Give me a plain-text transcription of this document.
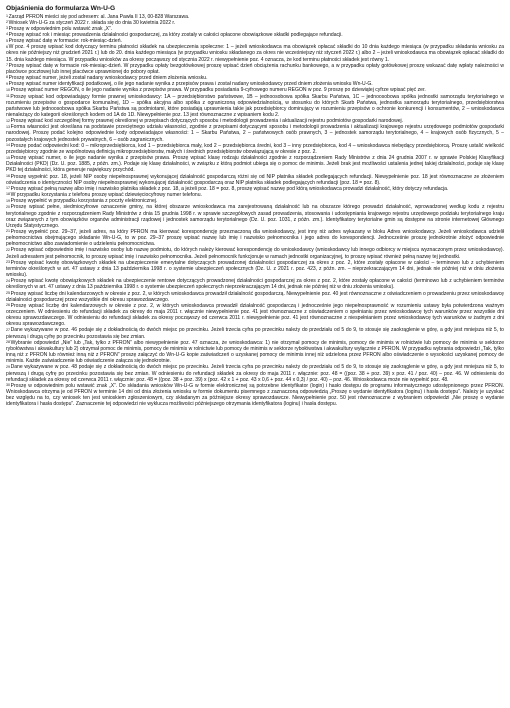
Objaśnienia do formularza Wn-U-G

$^1$Zarząd PFRON mieści się pod adresem: al. Jana Pawła II 13, 00-828 Warszawa.

$^2$Wniosek Wn-U-G za styczeń 2022 r. składa się do dnia 30 kwietnia 2022 r.

$^3$Proszę w odpowiednim polu wstawić znak „X”.

$^4$Proszę wpisać rok i miesiąc prowadzenia działalności gospodarczej, za który zostały w całości opłacone obowiązkowe składki podlegające refundacji.

$^5$Proszę wpisać datę w formacie: rok-miesiąc-dzień.

$^6$W poz. 4 proszę wpisać kod dotyczący terminu płatności składek na ubezpieczenia społeczne: 1 – jeżeli wnioskodawca ma obowiązek opłacać składki do 10 dnia każdego miesiąca (w przypadku składania wniosku za okres nie późniejszy niż grudzień 2021 r.) lub do 20. dnia każdego miesiąca (w przypadku wniosku składanego za okres nie wcześniejszy niż styczeń 2022 r.) albo 2 – jeżeli wnioskodawca ma obowiązek opłacać składki do 15. dnia każdego miesiąca. W przypadku wniosków za okresy począwszy od stycznia 2022 r. niewypełnienie poz. 4 oznacza, że kod terminu płatności składek jest równy 1.

$^7$Proszę wpisać datę w formacie rok-miesiąc-dzień. W przypadku opłaty bezgotówkowej proszę wpisać dzień obciążenia rachunku bankowego, a w przypadku opłaty gotówkowej proszę wskazać datę wpłaty należności w placówce pocztowej lub innej placówce uprawnionej do pobory opłat.

$^8$Proszę wpisać numer, jeżeli został nadany wnioskodawcy przed dniem złożenia wniosku.

$^9$Proszę wpisać numer identyfikacji podatkowej, o ile jego nadanie wynika z przepisów prawa i został nadany wnioskodawcy przed dniem złożenia wniosku Wn-U-G.

$^{10}$Proszę wpisać numer REGON, o ile jego nadanie wynika z przepisów prawa. W przypadku posiadania 9-cyfrowego numeru REGON w poz. 9 proszę po dziewiątej cyfrze wpisać pięć zer.

$^{11}$Proszę wpisać kod odpowiadający formie prawnej wnioskodawcy: 1A – przedsiębiorstwo państwowe, 1B – jednoosobowa spółka Skarbu Państwa, 1C – jednoosobowa spółka jednostki samorządu terytorialnego w rozumieniu przepisów o gospodarce komunalnej, 1D – spółka akcyjna albo spółka z ograniczoną odpowiedzialnością, w stosunku do których Skarb Państwa, jednostka samorządu terytorialnego, przedsiębiorstwa państwowe lub jednoosobowa spółka Skarbu Państwa są podmiotami, które posiadają uprawnienia takie jak przedsiębiorcy dominujący w rozumieniu przepisów o ochronie konkurencji i konsumentów, 2 – wnioskodawca nienależący do kategorii określonych kodem od 1A do 1D. Niewypełnienie poz. 13 jest równoznaczne z wpisaniem kodu 2.

$^{12}$Proszę wpisać kod szczególnej formy prawnej określonej w przepisach dotyczących sposobu i metodologii prowadzenia i aktualizacji rejestru podmiotów gospodarki narodowej.

$^{13}$Forma własności jest określana na podstawie przeciętnego udziału własności, zgodnie z przepisami dotyczącymi sposobu i metodologii prowadzenia i aktualizacji krajowego rejestru urzędowego podmiotów gospodarki narodowej. Proszę podać kolejno odpowiednie kody odpowiadające własności: 1 – Skarbu Państwa, 2 – państwowych osób prawnych, 3 – jednostek samorządu terytorialnego, 4 – krajowych osób fizycznych, 5 – pozostałych krajowych jednostek prywatnych, 6 – osób zagranicznych.

$^{14}$Proszę podać odpowiedni kod: 0 – mikroprzedsiębiorca, kod 1 – przedsiębiorca mały, kod 2 – przedsiębiorca średni, kod 3 – inny przedsiębiorca, kod 4 – wnioskodawca niebędący przedsiębiorcą. Proszę ustalić wielkość przedsiębiorcy zgodnie ze wspólnotową definicją mikroprzedsiębiorstw, małych i średnich przedsiębiorstw obowiązującą w okresie z poz. 2.

$^{15}$Proszę wpisać numer, o ile jego nadanie wynika z przepisów prawa. Proszę wpisać klasę rodzaju działalności zgodnie z rozporządzeniem Rady Ministrów z dnia 24 grudnia 2007 r. w sprawie Polskiej Klasyfikacji Działalności (PKD) (Dz. U. poz. 1885, z późn. zm.). Podaje się klasę działalności, w związku z którą podmiot ubiega się o pomoc de minimis. Jeżeli brak jest możliwości ustalenia jednej takiej działalności, podaje się klasę PKD tej działalności, która generuje największy przychód.

$^{16}$Proszę wypełnić poz. 18, jeżeli NIP osoby niepełnosprawnej wykonującej działalność gospodarczą różni się od NIP płatnika składek podlegających refundacji. Niewypełnienie poz. 18 jest równoznaczne ze złożeniem oświadczenia o identyczności NIP osoby niepełnosprawnej wykonującej działalność gospodarczą oraz NIP płatnika składek podlegających refundacji (poz. 18 = poz. 8).

$^{17}$Proszę wpisać pełną nazwę albo imię i nazwisko płatnika składek z poz. 18, a jeżeli poz. 18 = poz. 8, proszę wpisać nazwę pod którą wnioskodawca prowadzi działalność, który dotyczy refundacja.

$^{18}$W przypadku korzystania z telefonu proszę wpisać dziewięciocyfrowy numer telefonu.

$^{19}$Proszę wypełnić w przypadku korzystania z poczty elektronicznej.

$^{20}$Proszę wpisać pełne, siedmiocyfrowe oznaczenie gminy, na której obszarze wnioskodawca ma zarejestrowaną działalność lub na obszarze którego prowadzi działalność, wprowadzonej według kodu z rejestru terytorialnego zgodnie z rozporządzeniem Rady Ministrów z dnia 15 grudnia 1998 r. w sprawie szczegółowych zasad prowadzenia, stosowania i udostępniania krajowego rejestru urzędowego podziału terytorialnego kraju oraz związanych z tym obowiązków organów administracji rządowej i jednostek samorządu terytorialnego (Dz. U. poz. 1031, z późn. zm.). Identyfikatory terytorialne gmin są dostępne na stronie internetowej Głównego Urzędu Statystycznego.

$^{21}$Proszę wypełnić poz. 29–37, jeżeli adres, na który PFRON ma kierować korespondencję przeznaczoną dla wnioskodawcy, jest inny niż adres wykazany w bloku Adres wnioskodawcy. Jeżeli wnioskodawca udzielił pełnomocnictwa obejmującego składanie Wn-U-G, to w poz. 29–37 proszę wpisać nazwę lub imię i nazwisko pełnomocnika i jego adres do korespondencji. Jednocześnie proszę jednokrotnie złożyć odpowiednie pełnomocnictwo albo zawiadomienie o udzieleniu pełnomocnictwa.

$^{22}$Proszę wpisać odpowiednio imię i nazwisko osoby lub nazwę podmiotu, do których należy kierować korespondencję do wnioskodawcy (wnioskodawcy lub innego odbiorcy w miejscu wyznaczonym przez wnioskodawcę). Jeżeli adresatem jest pełnomocnik, to proszę wpisać imię i nazwisko pełnomocnika. Jeżeli pełnomocnik funkcjonuje w ramach jednostki organizacyjnej, to proszę wpisać również pełną nazwę tej jednostki.

$^{23}$Proszę wpisać kwotę obowiązkowych składek na ubezpieczenie emerytalne dotyczących prowadzonej działalności gospodarczej za okres z poz. 2, które zostały opłacone w całości – terminowo lub z uchybieniem terminów określonych w art. 47 ustawy z dnia 13 października 1998 r. o systemie ubezpieczeń społecznych (Dz. U. z 2021 r. poz. 423, z późn. zm. – nieprzekraczającym 14 dni, jednak nie później niż w dniu złożenia wniosku).

$^{24}$Proszę wpisać kwotę obowiązkowych składek na ubezpieczenie rentowe dotyczących prowadzonej działalności gospodarczej za okres z poz. 2, które zostały opłacone w całości (terminowo lub z uchybieniem terminów określonych w art. 47 ustawy z dnia 13 października 1998 r. o systemie ubezpieczeń społecznych nieprzekraczającym 14 dni, jednak nie później niż w dniu złożenia wniosku).

$^{25}$Proszę wpisać liczbę dni kalendarzowych w okresie z poz. 2, w których wnioskodawca prowadził działalność gospodarczą. Niewypełnienie poz. 40 jest równoznaczne z oświadczeniem o prowadzeniu przez wnioskodawcę działalności gospodarczej przez wszystkie dni okresu sprawozdawczego.

$^{26}$Proszę wpisać liczbę dni kalendarzowych w okresie z poz. 2, w których wnioskodawca prowadził działalność gospodarczą i jednocześnie jego niepełnosprawność w rozumieniu ustawy była potwierdzona ważnym orzeczeniem. W odniesieniu do refundacji składek za okresy do maja 2011 r. włącznie niewypełnienie poz. 41 jest równoznaczne z oświadczeniem o spełnianiu przez wnioskodawcę tych warunków przez wszystkie dni okresu sprawozdawczego. W odniesieniu do refundacji składek za okresy począwszy od czerwca 2011 r. niewypełnienie poz. 41 jest równoznaczne z niespełnianiem przez wnioskodawcę tych warunków w żadnym z dni okresu sprawozdawczego.

$^{27}$Dane wykazywane w poz. 46 podaje się z dokładnością do dwóch miejsc po przecinku. Jeżeli trzecia cyfra po przecinku należy do przedziału od 5 do 9, to stosuje się zaokrąglenie w górę, a gdy jest mniejsza niż 5, to pierwszą i drugą cyfrę po przecinku pozostawia się bez zmian.

$^{28}$Wybranie odpowiedzi „Nie” lub „Tak, tylko z PFRON” albo niewypełnienie poz. 47 oznacza, że wnioskodawca: 1) nie otrzymał pomocy de minimis, pomocy de minimis w rolnictwie lub pomocy de minimis w sektorze rybołówstwa i akwakultury lub 2) otrzymał pomoc de minimis, pomocy de minimis w rolnictwie lub pomocy de minimis w sektorze rybołówstwa i akwakultury wyłącznie z PFRON. W przypadku wybrania odpowiedzi „Tak, tylko inną niż z PFRON lub również inną niż z PFRON” proszę załączyć do Wn-U-G kopie zaświadczeń o uzyskanej pomocy de minimis innej niż udzielona przez PFRON albo oświadczenie o wysokości uzyskanej pomocy de minimis. Każde zaświadczenie lub oświadczenie załącza się jednokrotnie.

$^{29}$Dane wykazywane w poz. 48 podaje się z dokładnością do dwóch miejsc po przecinku. Jeżeli trzecia cyfra po przecinku należy do przedziału od 5 do 9, to stosuje się zaokrąglenie w górę, a gdy jest mniejsza niż 5, to pierwszą i drugą cyfrę po przecinku pozostawia się bez zmian. W odniesieniu do refundacji składek za okresy do maja 2011 r. włącznie: poz. 48 = ((poz. 38 + poz. 39) x poz. 41 / poz. 40) – poz. 46. W odniesieniu do refundacji składek za okresy od czerwca 2011 r. włącznie: poz. 48 = ((poz. 38 + poz. 39) x (poz. 42 x 1 + poz. 43 x 0,6 + poz. 44 x 0,3) / poz. 40) – poz. 46. Wnioskodawca może nie wypełnić poz. 48.

$^{30}$Proszę w odpowiednim polu wstawić znak „X”. Do składania wniosków Wn-U-G w formie elektronicznej są potrzebne identyfikator (login) i hasło dostępu do programu informatycznego udostępnionego przez PFRON. Wnioskodawca otrzyma je od PFRON w terminie 14 dni od dnia złożenia wniosku w formie dokumentu pisemnego z zaznaczoną odpowiedzią „Proszę o wydanie identyfikatora (loginu) i hasła dostępu”. Należy je uzyskać bez względu na to, czy wniosek ten jest wnioskiem zgłoszeniowym, czy składanym za późniejsze okresy sprawozdawcze. Niewypełnienie poz. 50 jest równoznaczne z wybraniem odpowiedzi „Nie proszę o wydanie identyfikatora i hasła dostępu”. Zaznaczenie tej odpowiedzi nie wyklucza możliwości późniejszego otrzymania identyfikatora (loginu) i hasła dostępu.
